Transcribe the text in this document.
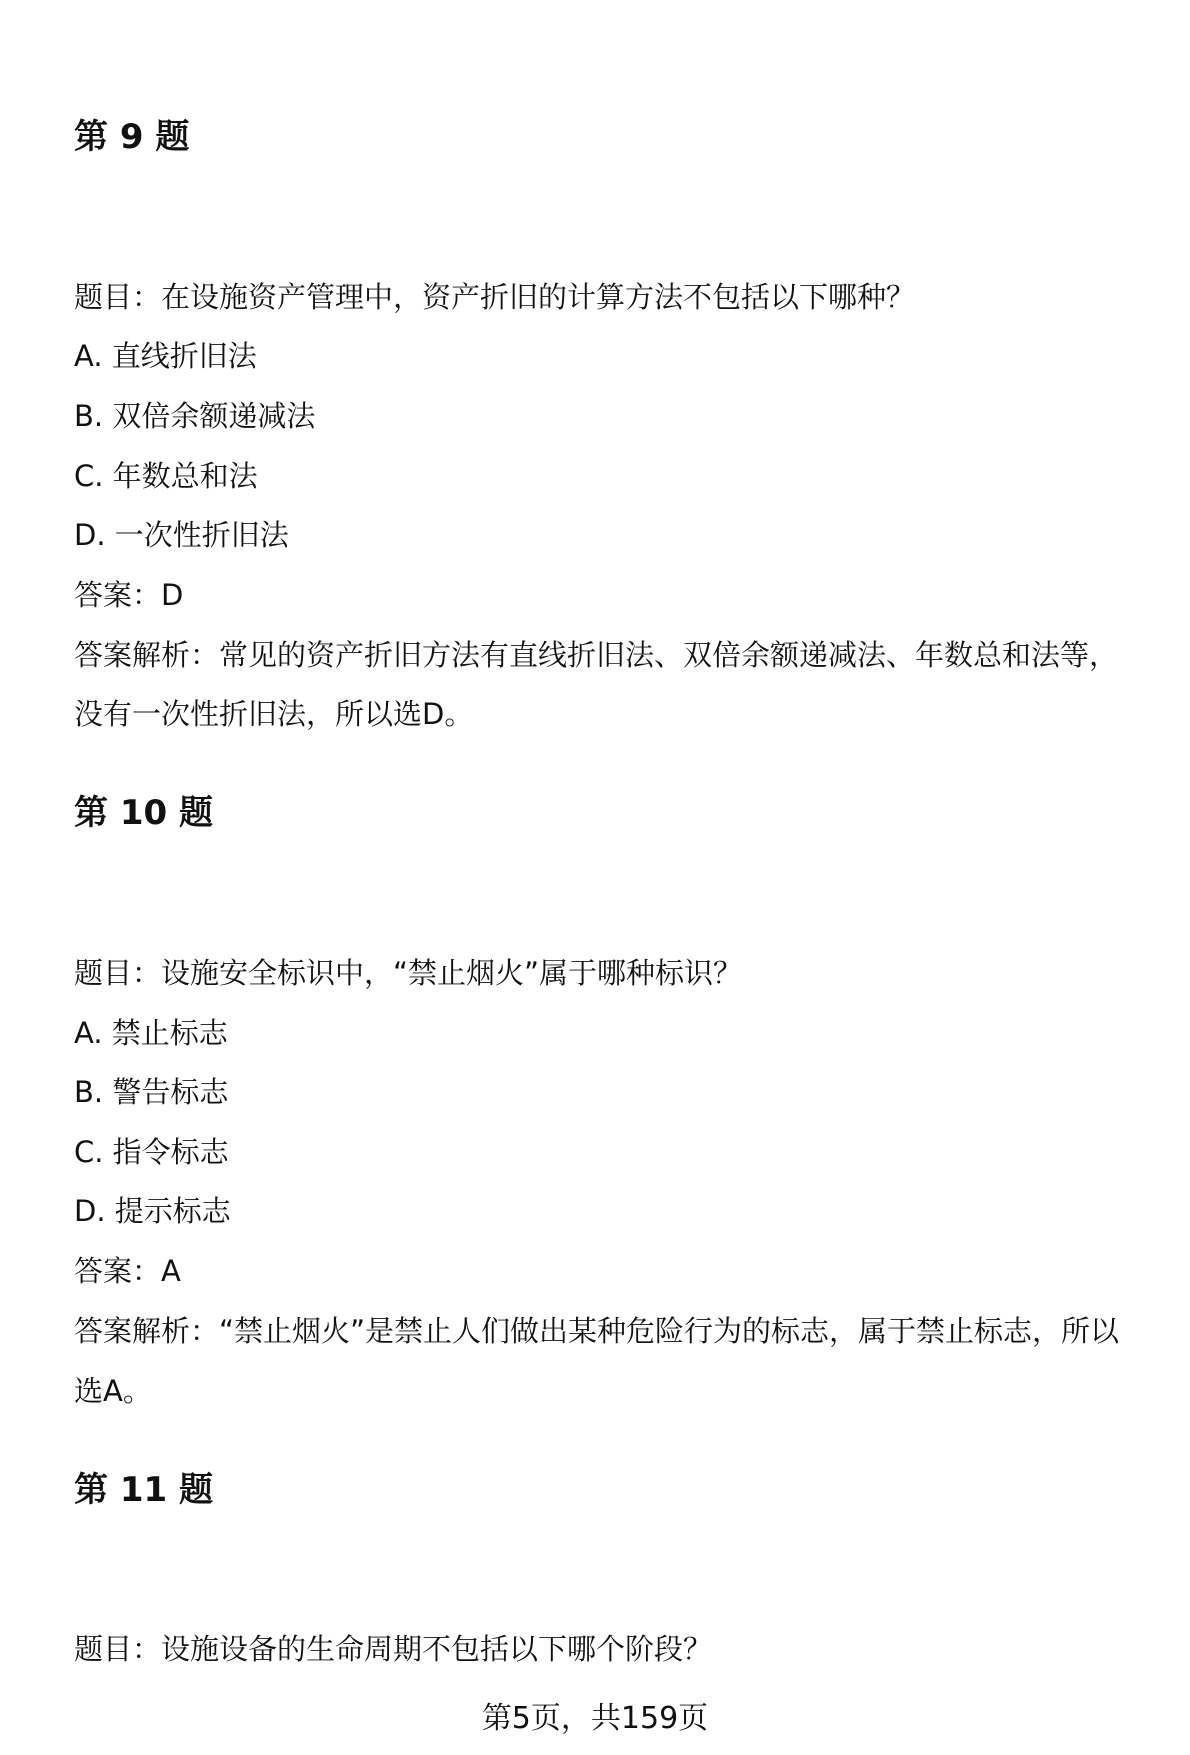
第 9 题
题目：在设施资产管理中，资产折旧的计算方法不包括以下哪种？
A. 直线折旧法
B. 双倍余额递减法
C. 年数总和法
D. 一次性折旧法
答案：D
答案解析：常见的资产折旧方法有直线折旧法、双倍余额递减法、年数总和法等，
没有一次性折旧法，所以选D。
第 10 题
题目：设施安全标识中，“禁止烟火”属于哪种标识？
A. 禁止标志
B. 警告标志
C. 指令标志
D. 提示标志
答案：A
答案解析：“禁止烟火”是禁止人们做出某种危险行为的标志，属于禁止标志，所以
选A。
第 11 题
题目：设施设备的生命周期不包括以下哪个阶段？
第5页，共159页
